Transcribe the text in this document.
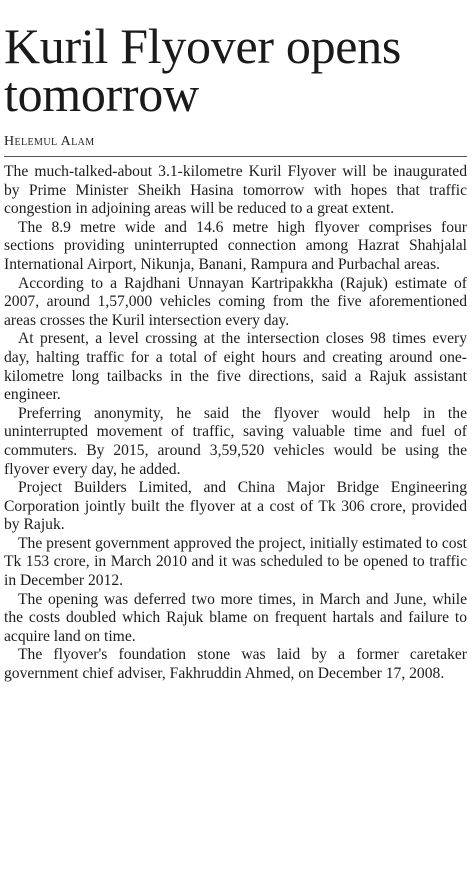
Kuril Flyover opens
tomorrow
Helemul Alam

The much-talked-about 3.1-kilometre Kuril Flyover will be inaugurated by Prime Minister Sheikh Hasina tomorrow with hopes that traffic congestion in adjoining areas will be reduced to a great extent.

The 8.9 metre wide and 14.6 metre high flyover comprises four sections providing uninterrupted connection among Hazrat Shahjalal International Airport, Nikunja, Banani, Rampura and Purbachal areas.

According to a Rajdhani Unnayan Kartripakkha (Rajuk) estimate of 2007, around 1,57,000 vehicles coming from the five aforementioned areas crosses the Kuril intersection every day.

At present, a level crossing at the intersection closes 98 times every day, halting traffic for a total of eight hours and creating around one-kilometre long tailbacks in the five directions, said a Rajuk assistant engineer.

Preferring anonymity, he said the flyover would help in the uninterrupted movement of traffic, saving valuable time and fuel of commuters. By 2015, around 3,59,520 vehicles would be using the flyover every day, he added.

Project Builders Limited, and China Major Bridge Engineering Corporation jointly built the flyover at a cost of Tk 306 crore, provided by Rajuk.

The present government approved the project, initially estimated to cost Tk 153 crore, in March 2010 and it was scheduled to be opened to traffic in December 2012.

The opening was deferred two more times, in March and June, while the costs doubled which Rajuk blame on frequent hartals and failure to acquire land on time.

The flyover's foundation stone was laid by a former caretaker government chief adviser, Fakhruddin Ahmed, on December 17, 2008.
